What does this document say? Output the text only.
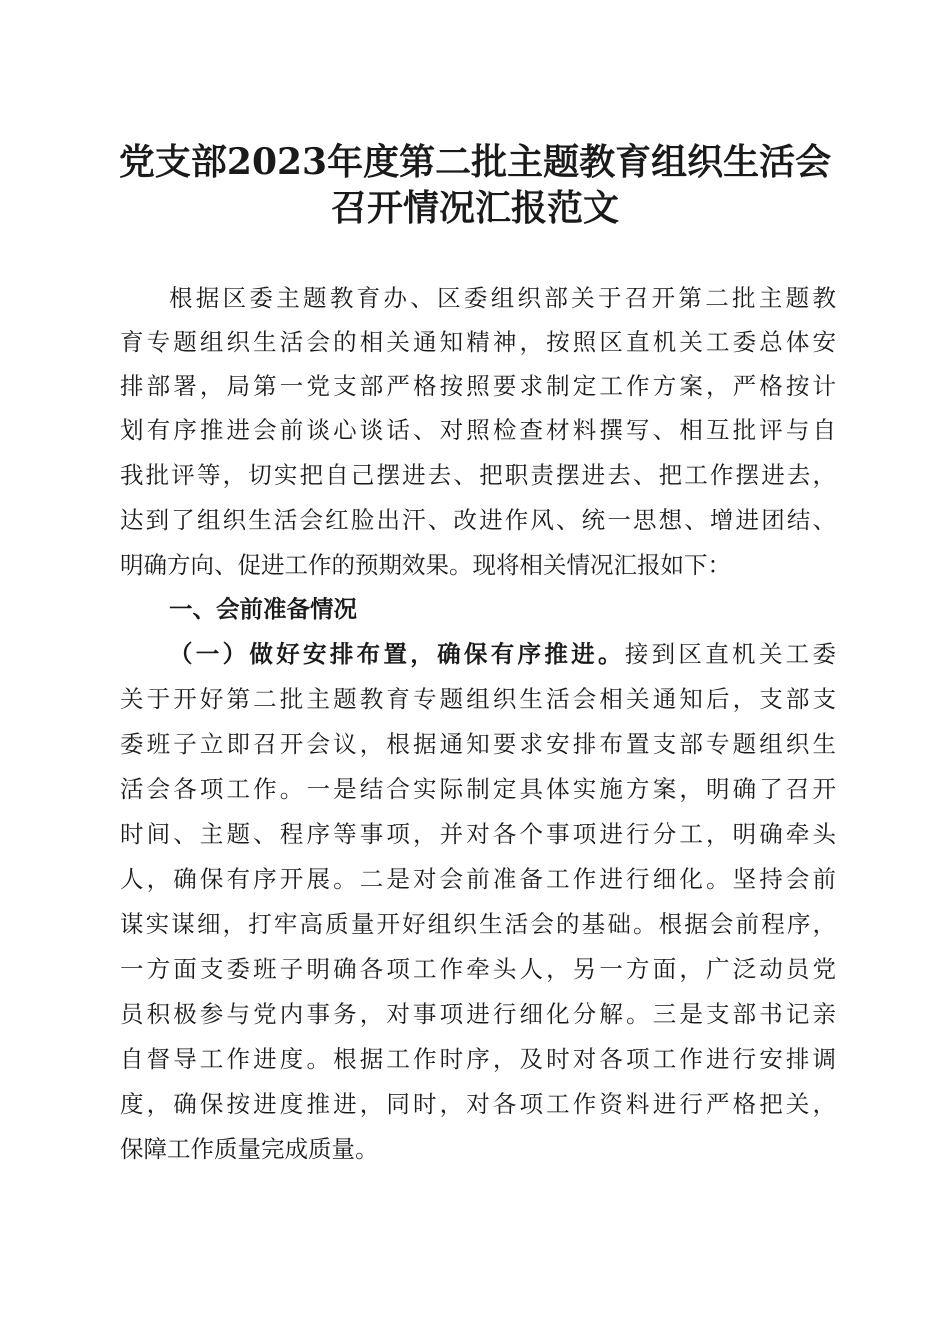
党支部2023年度第二批主题教育组织生活会
召开情况汇报范文
根据区委主题教育办、区委组织部关于召开第二批主题教
育专题组织生活会的相关通知精神，按照区直机关工委总体安
排部署，局第一党支部严格按照要求制定工作方案，严格按计
划有序推进会前谈心谈话、对照检查材料撰写、相互批评与自
我批评等，切实把自己摆进去、把职责摆进去、把工作摆进去，
达到了组织生活会红脸出汗、改进作风、统一思想、增进团结、
明确方向、促进工作的预期效果。现将相关情况汇报如下：
一、会前准备情况
（一）做好安排布置，确保有序推进。接到区直机关工委
关于开好第二批主题教育专题组织生活会相关通知后，支部支
委班子立即召开会议，根据通知要求安排布置支部专题组织生
活会各项工作。一是结合实际制定具体实施方案，明确了召开
时间、主题、程序等事项，并对各个事项进行分工，明确牵头
人，确保有序开展。二是对会前准备工作进行细化。坚持会前
谋实谋细，打牢高质量开好组织生活会的基础。根据会前程序，
一方面支委班子明确各项工作牵头人，另一方面，广泛动员党
员积极参与党内事务，对事项进行细化分解。三是支部书记亲
自督导工作进度。根据工作时序，及时对各项工作进行安排调
度，确保按进度推进，同时，对各项工作资料进行严格把关，
保障工作质量完成质量。
